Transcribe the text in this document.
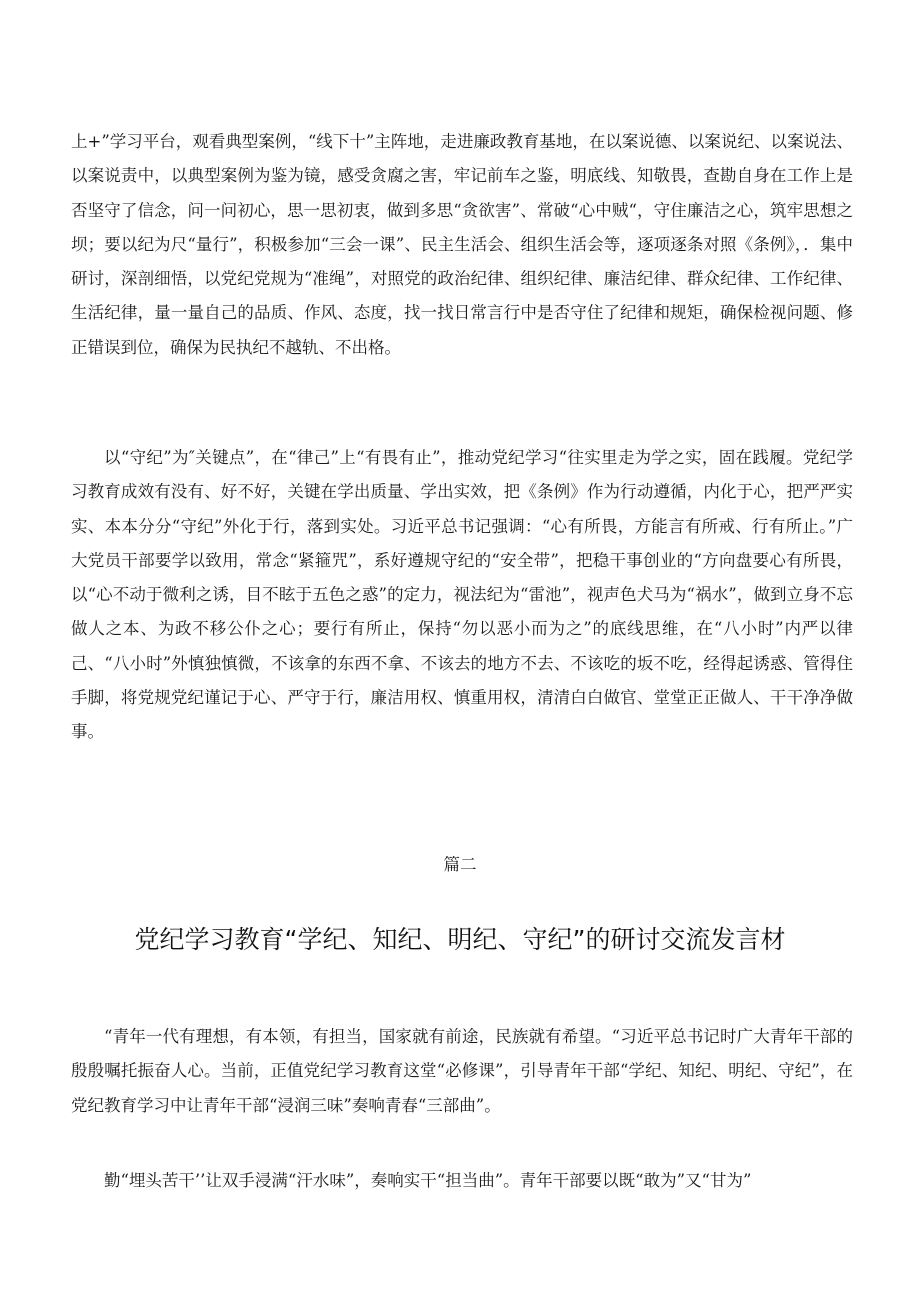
上+”学习平台，观看典型案例，“线下十”主阵地，走进廉政教育基地，在以案说德、以案说纪、以案说法、以案说责中，以典型案例为鉴为镜，感受贪腐之害，牢记前车之鉴，明底线、知敬畏，查勘自身在工作上是否坚守了信念，问一问初心，思一思初衷，做到多思“贪欲害”、常破“心中贼“，守住廉洁之心，筑牢思想之坝；要以纪为尺“量行”，积极参加“三会一课”、民主生活会、组织生活会等，逐项逐条对照《条例》，．集中研讨，深剖细悟，以党纪党规为“准绳”，对照党的政治纪律、组织纪律、廉洁纪律、群众纪律、工作纪律、生活纪律，量一量自己的品质、作风、态度，找一找日常言行中是否守住了纪律和规矩，确保检视问题、修正错误到位，确保为民执纪不越轨、不出格。

以“守纪”为″关键点”，在“律己”上“有畏有止”，推动党纪学习“往实里走为学之实，固在践履。党纪学习教育成效有没有、好不好，关键在学出质量、学出实效，把《条例》作为行动遵循，内化于心，把严严实实、本本分分“守纪”外化于行，落到实处。习近平总书记强调：“心有所畏，方能言有所戒、行有所止。”广大党员干部要学以致用，常念“紧箍咒”，系好遵规守纪的“安全带”，把稳干事创业的“方向盘要心有所畏，以“心不动于微利之诱，目不眩于五色之惑”的定力，视法纪为“雷池”，视声色犬马为“祸水”，做到立身不忘做人之本、为政不移公仆之心；要行有所止，保持“勿以恶小而为之”的底线思维，在“八小时”内严以律己、“八小时”外慎独慎微，不该拿的东西不拿、不该去的地方不去、不该吃的坂不吃，经得起诱惑、管得住手脚，将党规党纪谨记于心、严守于行，廉洁用权、慎重用权，清清白白做官、堂堂正正做人、干干净净做事。

篇二

党纪学习教育“学纪、知纪、明纪、守纪”的研讨交流发言材

“青年一代有理想，有本领，有担当，国家就有前途，民族就有希望。“习近平总书记时广大青年干部的殷殷嘱托振奋人心。当前，正值党纪学习教育这堂“必修课”，引导青年干部“学纪、知纪、明纪、守纪”，在党纪教育学习中让青年干部“浸润三味”奏响青春“三部曲”。

勤“埋头苦干’’让双手浸满“汗水味”，奏响实干“担当曲”。青年干部要以既“敢为”又“甘为”
